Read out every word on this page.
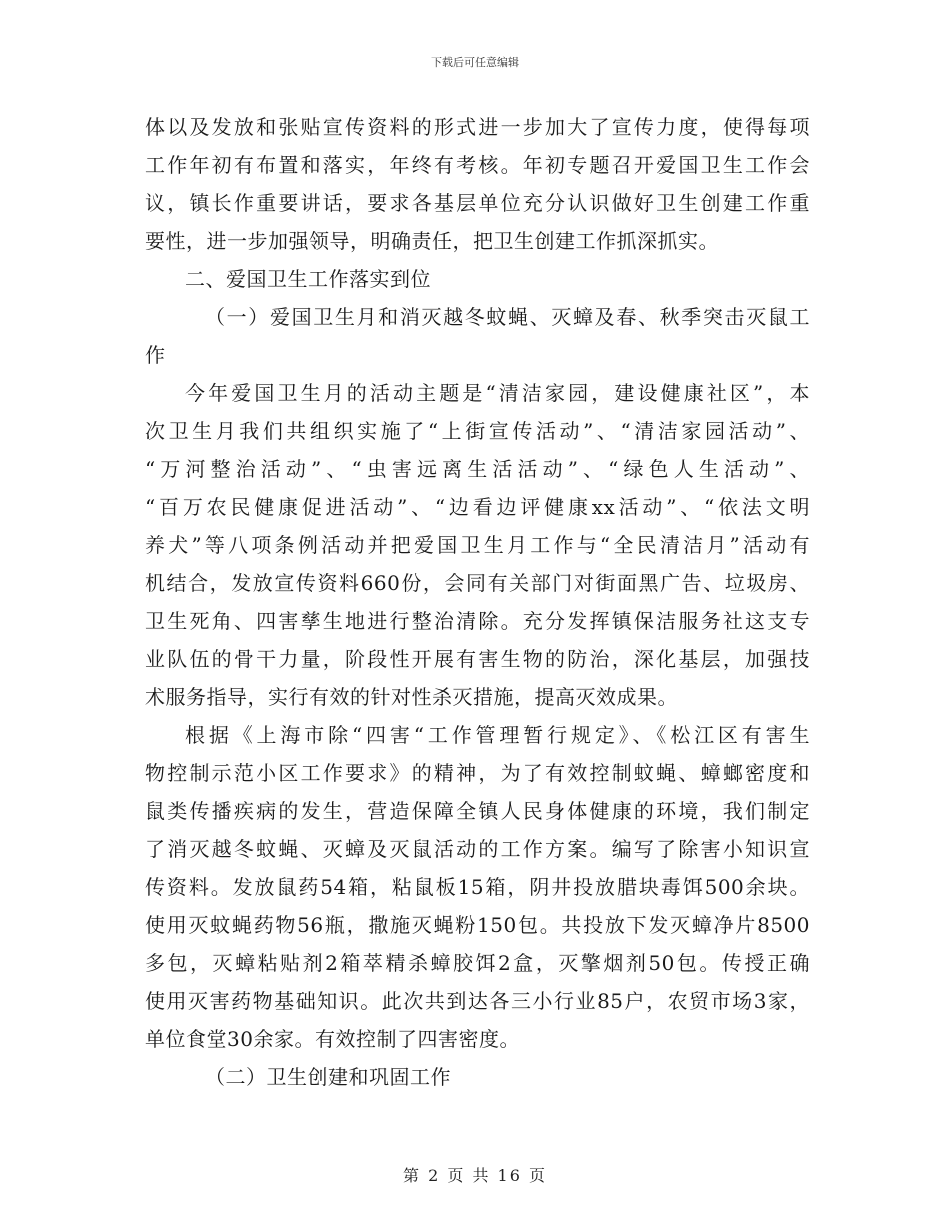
下载后可任意编辑
体以及发放和张贴宣传资料的形式进一步加大了宣传力度，使得每项
工作年初有布置和落实，年终有考核。年初专题召开爱国卫生工作会
议，镇长作重要讲话，要求各基层单位充分认识做好卫生创建工作重
要性，进一步加强领导，明确责任，把卫生创建工作抓深抓实。
二、爱国卫生工作落实到位
（一）爱国卫生月和消灭越冬蚊蝇、灭蟑及春、秋季突击灭鼠工
作
今年爱国卫生月的活动主题是“清洁家园，建设健康社区”，本
次卫生月我们共组织实施了“上街宣传活动”、“清洁家园活动”、
“万河整治活动”、“虫害远离生活活动”、“绿色人生活动”、
“百万农民健康促进活动”、“边看边评健康xx活动”、“依法文明
养犬”等八项条例活动并把爱国卫生月工作与“全民清洁月”活动有
机结合，发放宣传资料660份，会同有关部门对街面黑广告、垃圾房、
卫生死角、四害孳生地进行整治清除。充分发挥镇保洁服务社这支专
业队伍的骨干力量，阶段性开展有害生物的防治，深化基层，加强技
术服务指导，实行有效的针对性杀灭措施，提高灭效成果。
根据《上海市除“四害“工作管理暂行规定》、《松江区有害生
物控制示范小区工作要求》的精神，为了有效控制蚊蝇、蟑螂密度和
鼠类传播疾病的发生，营造保障全镇人民身体健康的环境，我们制定
了消灭越冬蚊蝇、灭蟑及灭鼠活动的工作方案。编写了除害小知识宣
传资料。发放鼠药54箱，粘鼠板15箱，阴井投放腊块毒饵500余块。
使用灭蚊蝇药物56瓶，撒施灭蝇粉150包。共投放下发灭蟑净片8500
多包，灭蟑粘贴剂2箱萃精杀蟑胶饵2盒，灭擎烟剂50包。传授正确
使用灭害药物基础知识。此次共到达各三小行业85户，农贸市场3家，
单位食堂30余家。有效控制了四害密度。
（二）卫生创建和巩固工作
第 2 页 共 16 页
